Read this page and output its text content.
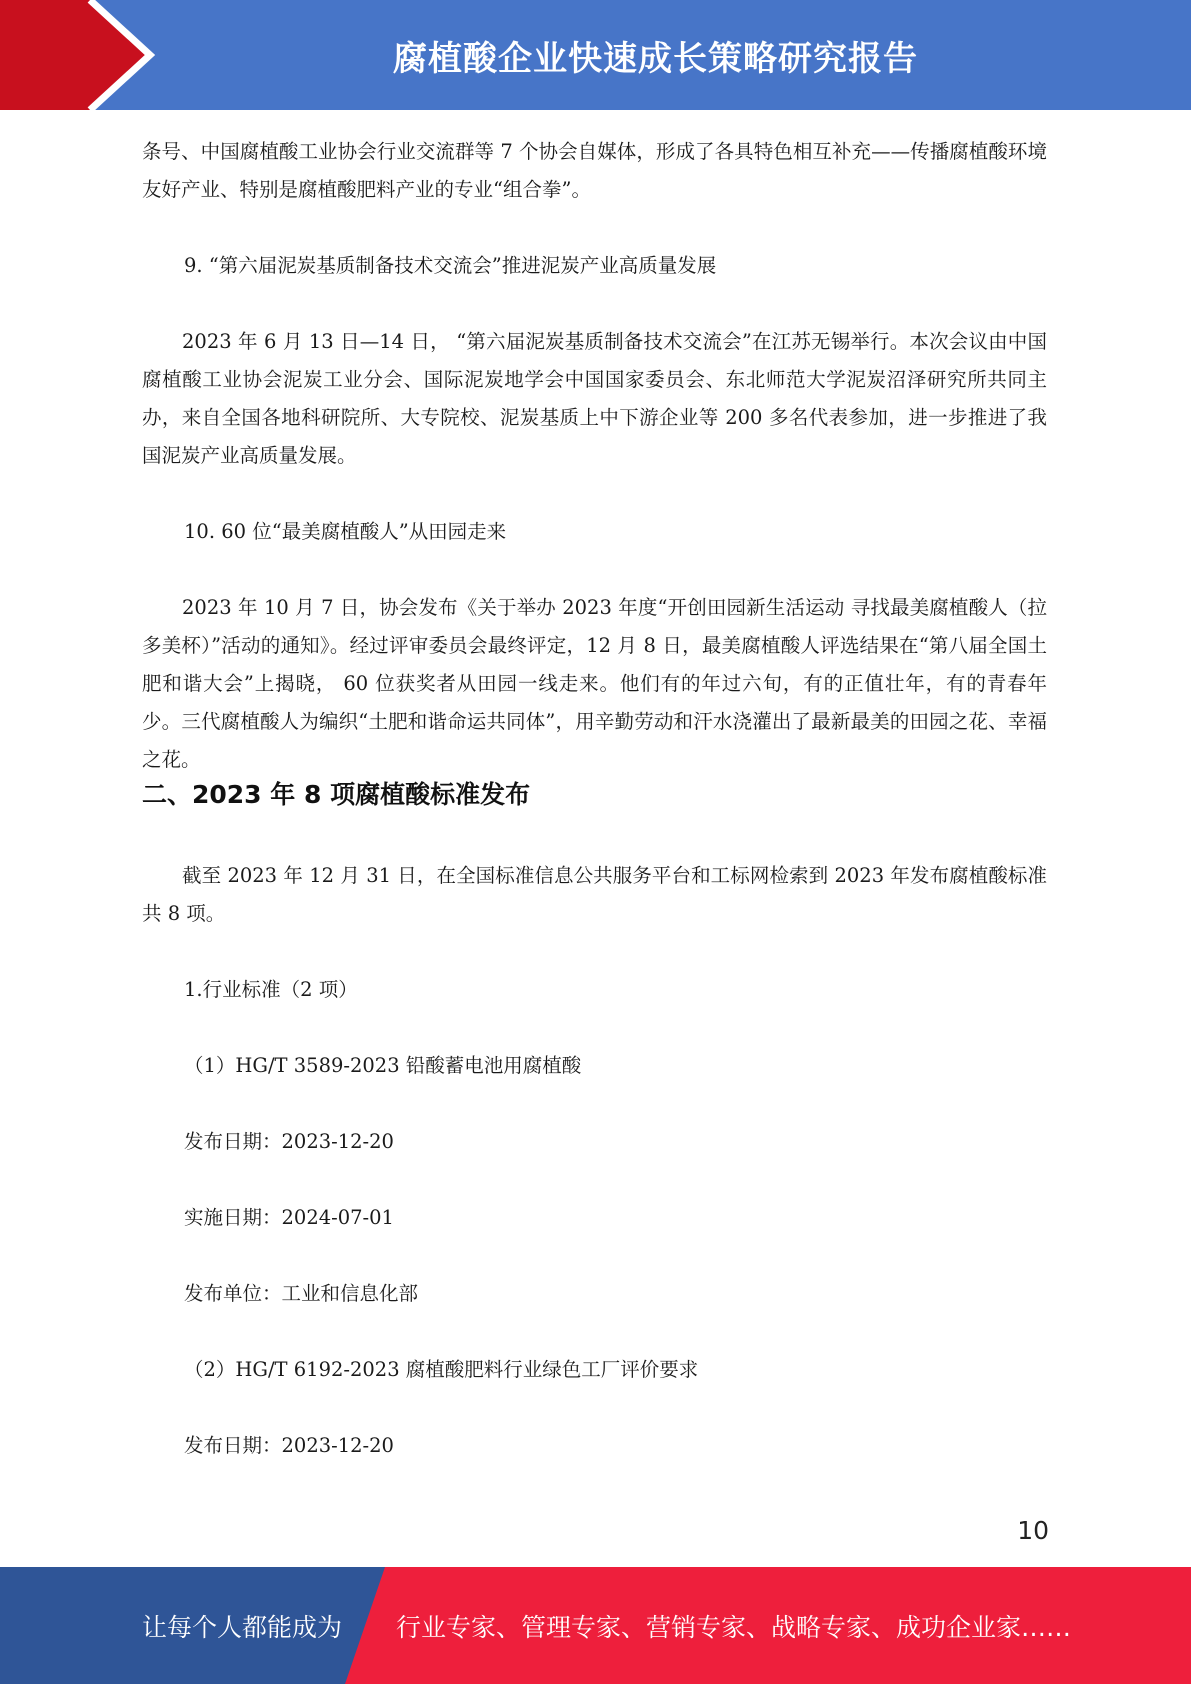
腐植酸企业快速成长策略研究报告

条号、中国腐植酸工业协会行业交流群等 7 个协会自媒体，形成了各具特色相互补充——传播腐植酸环境友好产业、特别是腐植酸肥料产业的专业“组合拳”。

9. “第六届泥炭基质制备技术交流会”推进泥炭产业高质量发展

2023 年 6 月 13 日—14 日， “第六届泥炭基质制备技术交流会”在江苏无锡举行。本次会议由中国腐植酸工业协会泥炭工业分会、国际泥炭地学会中国国家委员会、东北师范大学泥炭沼泽研究所共同主办，来自全国各地科研院所、大专院校、泥炭基质上中下游企业等 200 多名代表参加，进一步推进了我国泥炭产业高质量发展。

10. 60 位“最美腐植酸人”从田园走来

2023 年 10 月 7 日，协会发布《关于举办 2023 年度“开创田园新生活运动 寻找最美腐植酸人（拉多美杯）”活动的通知》。经过评审委员会最终评定，12 月 8 日，最美腐植酸人评选结果在“第八届全国土肥和谐大会”上揭晓， 60 位获奖者从田园一线走来。他们有的年过六旬，有的正值壮年，有的青春年少。三代腐植酸人为编织“土肥和谐命运共同体”，用辛勤劳动和汗水浇灌出了最新最美的田园之花、幸福之花。

二、2023 年 8 项腐植酸标准发布

截至 2023 年 12 月 31 日，在全国标准信息公共服务平台和工标网检索到 2023 年发布腐植酸标准共 8 项。

1.行业标准（2 项）

（1）HG/T 3589-2023 铅酸蓄电池用腐植酸

发布日期：2023-12-20

实施日期：2024-07-01

发布单位：工业和信息化部

（2）HG/T 6192-2023 腐植酸肥料行业绿色工厂评价要求

发布日期：2023-12-20

10
让每个人都能成为 行业专家、管理专家、营销专家、战略专家、成功企业家……
